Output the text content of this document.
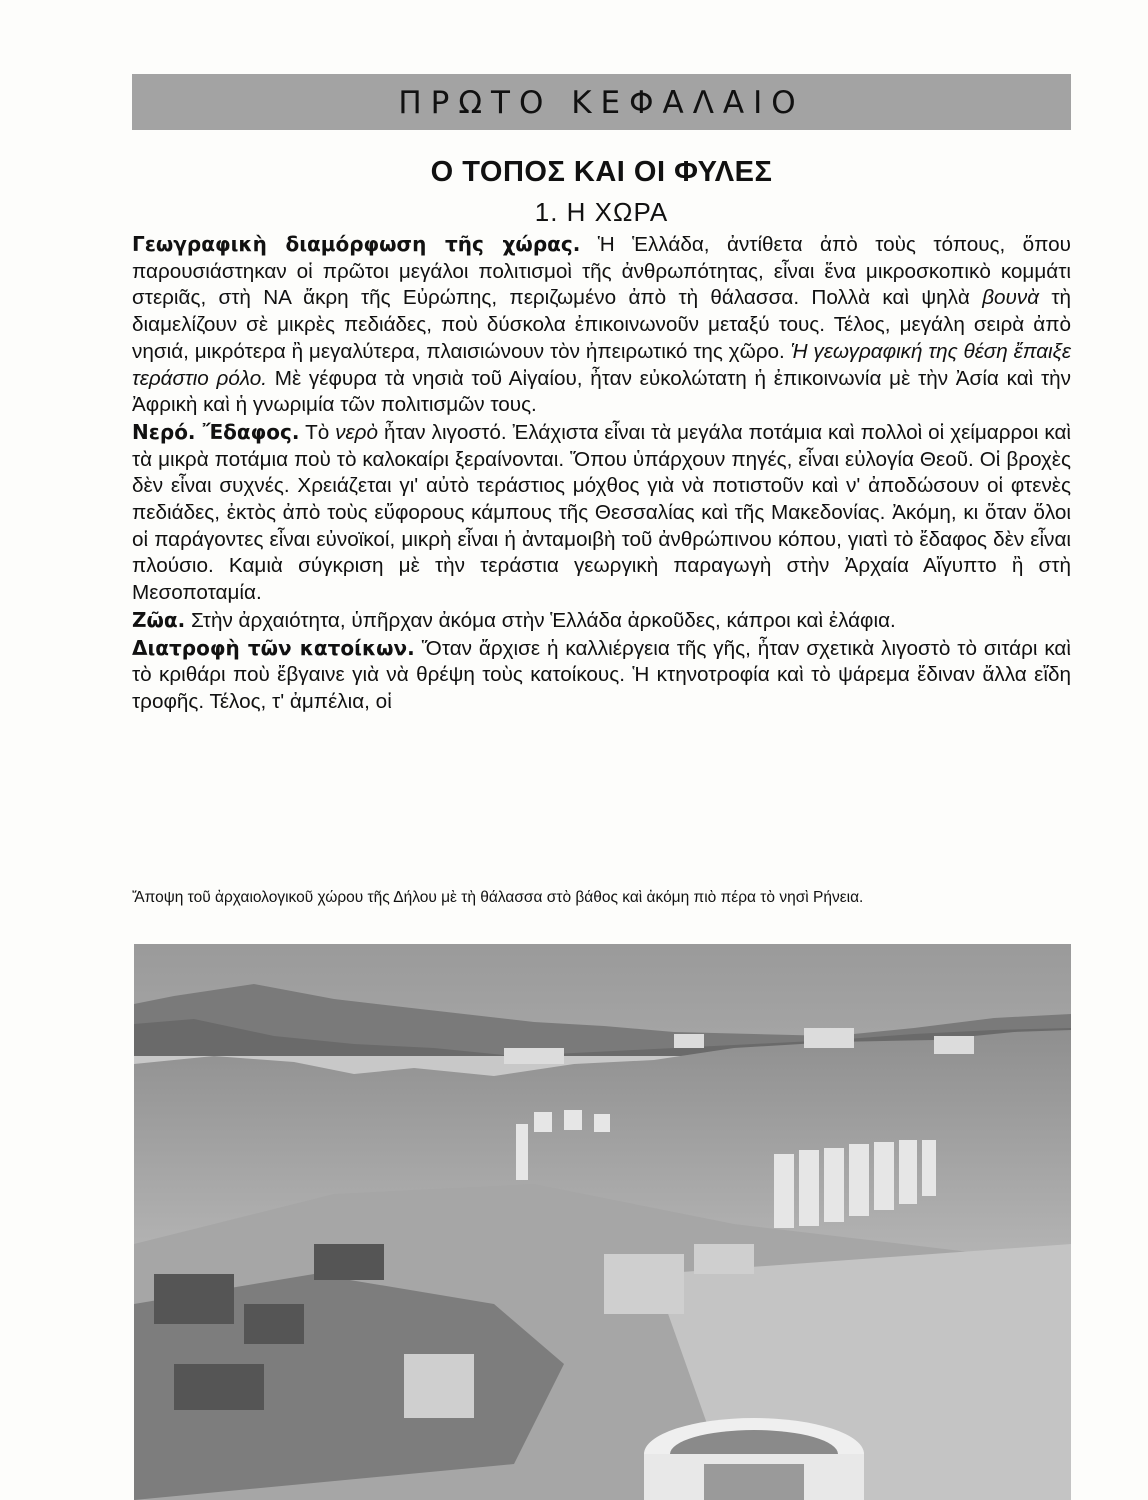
ΠΡΩΤΟ ΚΕΦΑΛΑΙΟ
Ο ΤΟΠΟΣ ΚΑΙ ΟΙ ΦΥΛΕΣ
1. Η ΧΩΡΑ

Γεωγραφικὴ διαμόρφωση τῆς χώρας. Ἡ Ἑλλάδα, ἀντίθετα ἀπὸ τοὺς τόπους, ὅπου παρουσιάστηκαν οἱ πρῶτοι μεγάλοι πολιτισμοὶ τῆς ἀνθρωπότητας, εἶναι ἕνα μικροσκοπικὸ κομμάτι στεριᾶς, στὴ ΝΑ ἄκρη τῆς Εὐρώπης, περιζωμένο ἀπὸ τὴ θάλασσα. Πολλὰ καὶ ψηλὰ βουνὰ τὴ διαμελίζουν σὲ μικρὲς πεδιάδες, ποὺ δύσκολα ἐπικοινωνοῦν μεταξύ τους. Τέλος, μεγάλη σειρὰ ἀπὸ νησιά, μικρότερα ἢ μεγαλύτερα, πλαισιώνουν τὸν ἠπειρωτικό της χῶρο. Ἡ γεωγραφική της θέση ἔπαιξε τεράστιο ρόλο. Μὲ γέφυρα τὰ νησιὰ τοῦ Αἰγαίου, ἦταν εὐκολώτατη ἡ ἐπικοινωνία μὲ τὴν Ἀσία καὶ τὴν Ἀφρικὴ καὶ ἡ γνωριμία τῶν πολιτισμῶν τους.

Νερό. Ἔδαφος. Τὸ νερὸ ἦταν λιγοστό. Ἐλάχιστα εἶναι τὰ μεγάλα ποτάμια καὶ πολλοὶ οἱ χείμαρροι καὶ τὰ μικρὰ ποτάμια ποὺ τὸ καλοκαίρι ξεραίνονται. Ὅπου ὑπάρχουν πηγές, εἶναι εὐλογία Θεοῦ. Οἱ βροχὲς δὲν εἶναι συχνές. Χρειάζεται γι' αὐτὸ τεράστιος μόχθος γιὰ νὰ ποτιστοῦν καὶ ν' ἀποδώσουν οἱ φτενὲς πεδιάδες, ἐκτὸς ἀπὸ τοὺς εὔφορους κάμπους τῆς Θεσσαλίας καὶ τῆς Μακεδονίας. Ἀκόμη, κι ὅταν ὅλοι οἱ παράγοντες εἶναι εὐνοϊκοί, μικρὴ εἶναι ἡ ἀνταμοιβὴ τοῦ ἀνθρώπινου κόπου, γιατὶ τὸ ἔδαφος δὲν εἶναι πλούσιο. Καμιὰ σύγκριση μὲ τὴν τεράστια γεωργικὴ παραγωγὴ στὴν Ἀρχαία Αἴγυπτο ἢ στὴ Μεσοποταμία.

Ζῶα. Στὴν ἀρχαιότητα, ὑπῆρχαν ἀκόμα στὴν Ἑλλάδα ἀρκοῦδες, κάπροι καὶ ἐλάφια.

Διατροφὴ τῶν κατοίκων. Ὅταν ἄρχισε ἡ καλλιέργεια τῆς γῆς, ἦταν σχετικὰ λιγοστὸ τὸ σιτάρι καὶ τὸ κριθάρι ποὺ ἔβγαινε γιὰ νὰ θρέψη τοὺς κατοίκους. Ἡ κτηνοτροφία καὶ τὸ ψάρεμα ἔδιναν ἄλλα εἴδη τροφῆς. Τέλος, τ' ἀμπέλια, οἱ

Ἄποψη τοῦ ἀρχαιολογικοῦ χώρου τῆς Δήλου μὲ τὴ θάλασσα στὸ βάθος καὶ ἀκόμη πιὸ πέρα τὸ νησὶ Ρήνεια.
